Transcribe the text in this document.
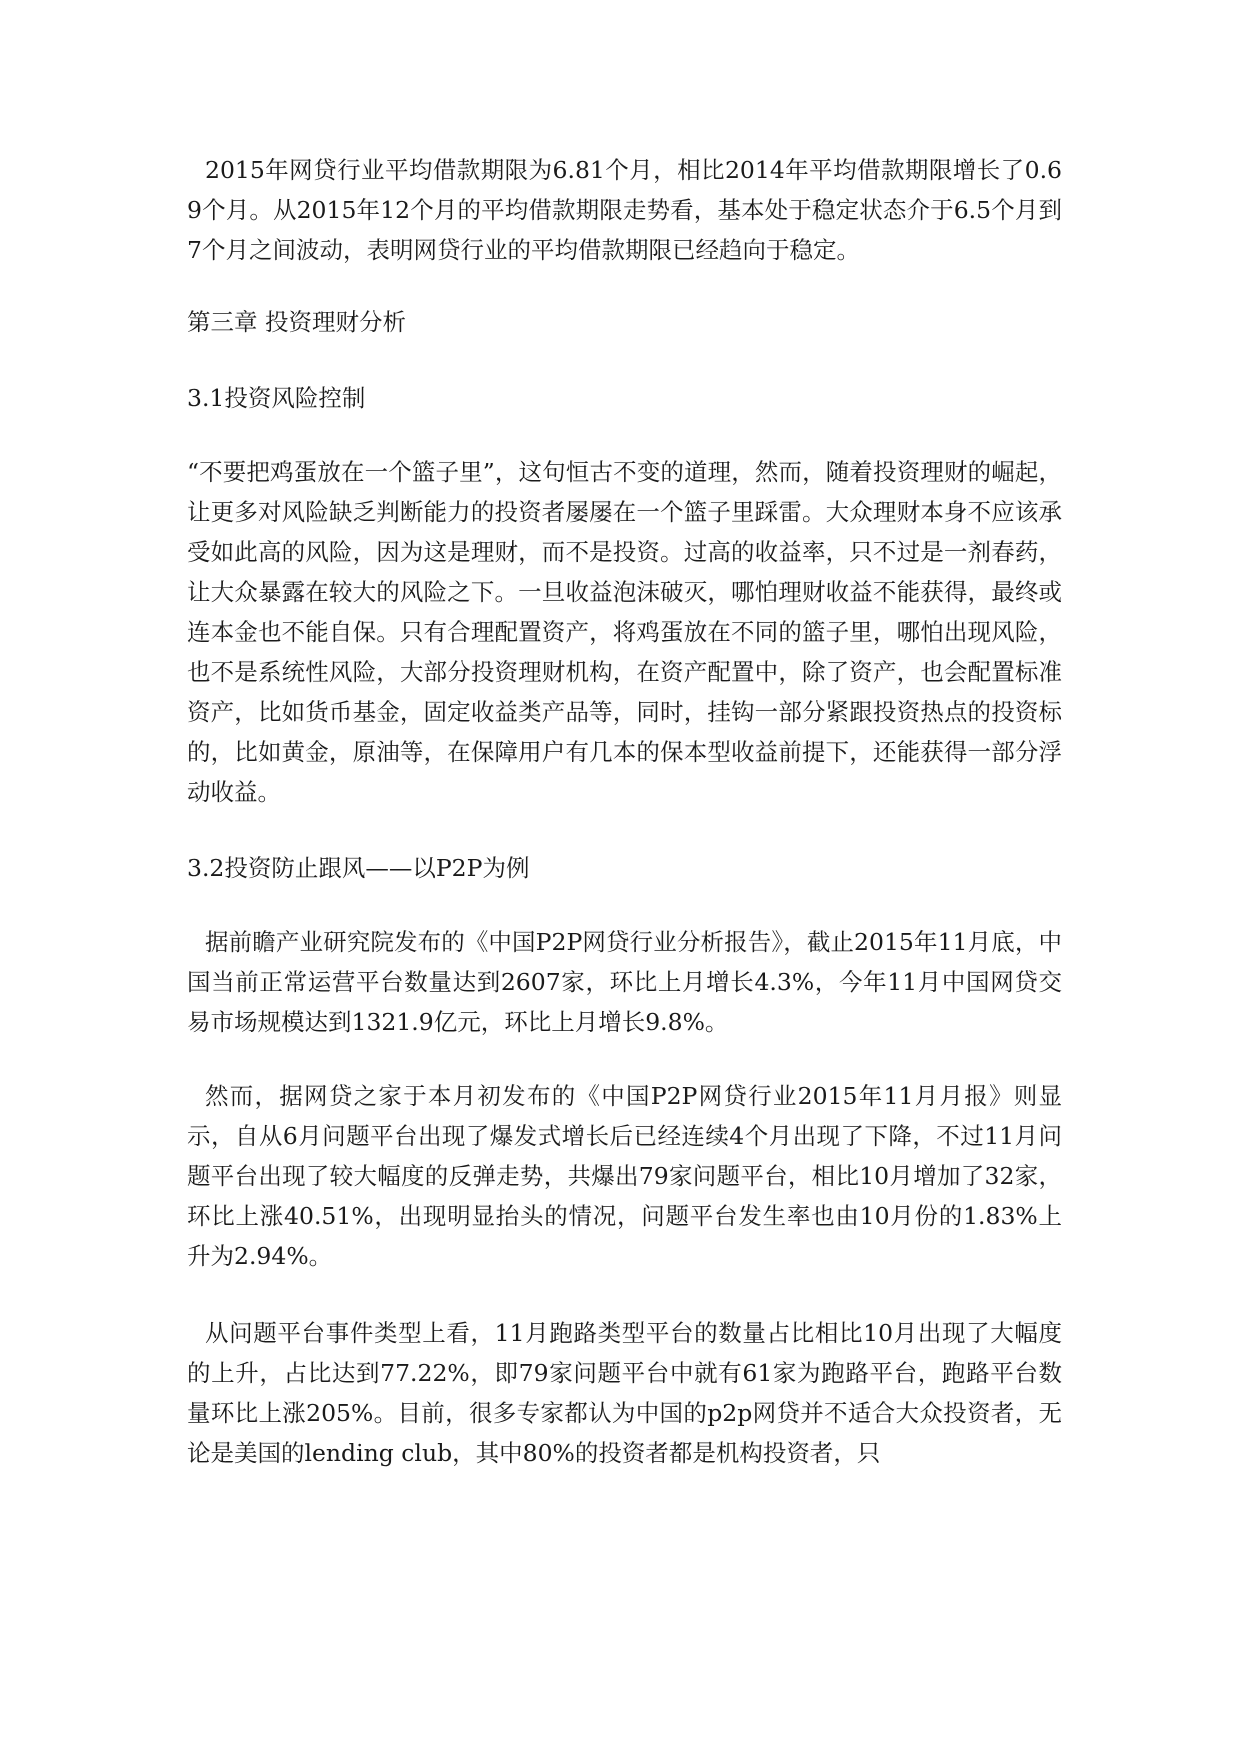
2015年网贷行业平均借款期限为6.81个月，相比2014年平均借款期限增长了0.69个月。从2015年12个月的平均借款期限走势看，基本处于稳定状态介于6.5个月到7个月之间波动，表明网贷行业的平均借款期限已经趋向于稳定。

第三章 投资理财分析

3.1投资风险控制

“不要把鸡蛋放在一个篮子里”，这句恒古不变的道理，然而，随着投资理财的崛起，让更多对风险缺乏判断能力的投资者屡屡在一个篮子里踩雷。大众理财本身不应该承受如此高的风险，因为这是理财，而不是投资。过高的收益率，只不过是一剂春药，让大众暴露在较大的风险之下。一旦收益泡沫破灭，哪怕理财收益不能获得，最终或连本金也不能自保。只有合理配置资产，将鸡蛋放在不同的篮子里，哪怕出现风险，也不是系统性风险，大部分投资理财机构，在资产配置中，除了资产，也会配置标准资产，比如货币基金，固定收益类产品等，同时，挂钩一部分紧跟投资热点的投资标的，比如黄金，原油等，在保障用户有几本的保本型收益前提下，还能获得一部分浮动收益。

3.2投资防止跟风——以P2P为例

据前瞻产业研究院发布的《中国P2P网贷行业分析报告》，截止2015年11月底，中国当前正常运营平台数量达到2607家，环比上月增长4.3%，今年11月中国网贷交易市场规模达到1321.9亿元，环比上月增长9.8%。

然而，据网贷之家于本月初发布的《中国P2P网贷行业2015年11月月报》则显示，自从6月问题平台出现了爆发式增长后已经连续4个月出现了下降，不过11月问题平台出现了较大幅度的反弹走势，共爆出79家问题平台，相比10月增加了32家，环比上涨40.51%，出现明显抬头的情况，问题平台发生率也由10月份的1.83%上升为2.94%。

从问题平台事件类型上看，11月跑路类型平台的数量占比相比10月出现了大幅度的上升，占比达到77.22%，即79家问题平台中就有61家为跑路平台，跑路平台数量环比上涨205%。目前，很多专家都认为中国的p2p网贷并不适合大众投资者，无论是美国的lending club，其中80%的投资者都是机构投资者，只
